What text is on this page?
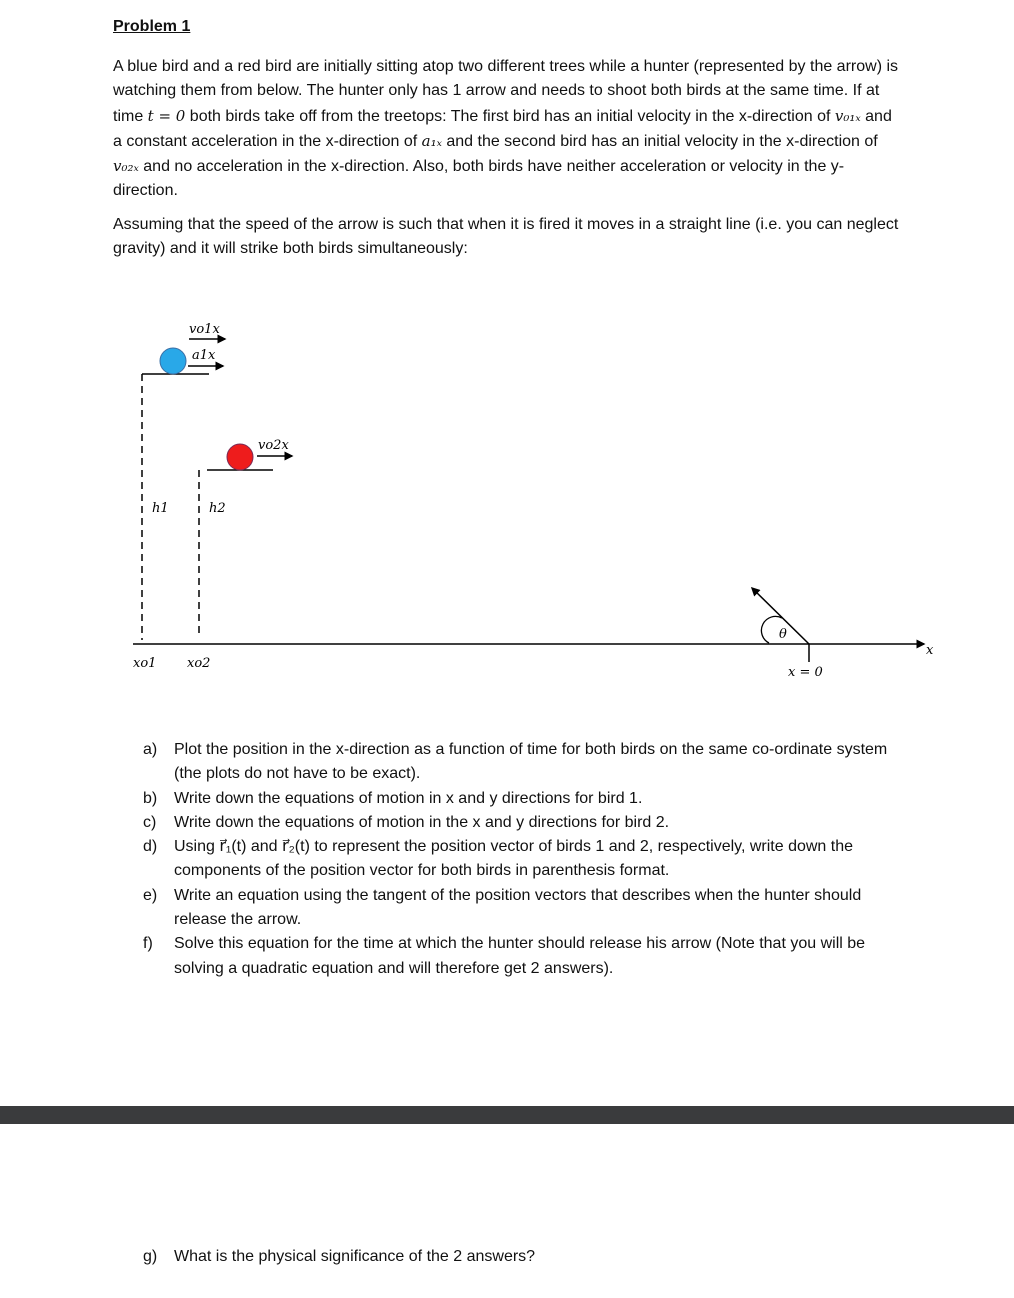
Problem 1
A blue bird and a red bird are initially sitting atop two different trees while a hunter (represented by the arrow) is watching them from below. The hunter only has 1 arrow and needs to shoot both birds at the same time. If at time t = 0 both birds take off from the treetops: The first bird has an initial velocity in the x-direction of v₀₁ₓ and a constant acceleration in the x-direction of a₁ₓ and the second bird has an initial velocity in the x-direction of v₀₂ₓ and no acceleration in the x-direction. Also, both birds have neither acceleration or velocity in the y-direction.
Assuming that the speed of the arrow is such that when it is fired it moves in a straight line (i.e. you can neglect gravity) and it will strike both birds simultaneously:
vo1x
a1x
vo2x
h1	h2
x
xo1 xo2
θ
x = 0
a)	Plot the position in the x-direction as a function of time for both birds on the same co-ordinate system (the plots do not have to be exact).
b)	Write down the equations of motion in x and y directions for bird 1.
c)	Write down the equations of motion in the x and y directions for bird 2.
d)	Using r⃗₁(t) and r⃗₂(t) to represent the position vector of birds 1 and 2, respectively, write down the components of the position vector for both birds in parenthesis format.
e)	Write an equation using the tangent of the position vectors that describes when the hunter should release the arrow.
f)	Solve this equation for the time at which the hunter should release his arrow (Note that you will be solving a quadratic equation and will therefore get 2 answers).
g)	What is the physical significance of the 2 answers?
